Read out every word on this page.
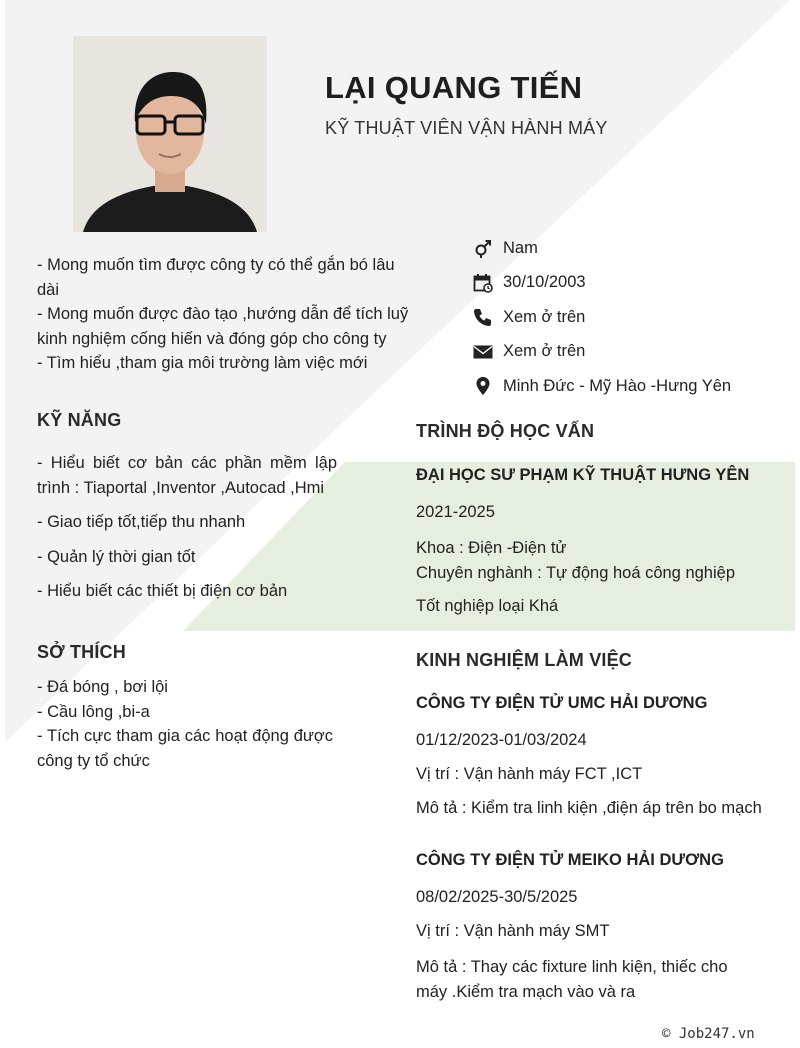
LẠI QUANG TIẾN
KỸ THUẬT VIÊN VẬN HÀNH MÁY
- Mong muốn tìm được công ty có thể gắn bó lâu dài
- Mong muốn được đào tạo ,hướng dẫn để tích luỹ kinh nghiệm cống hiến và đóng góp cho công ty
- Tìm hiểu ,tham gia môi trường làm việc mới
Nam
30/10/2003
Xem ở trên
Xem ở trên
Minh Đức - Mỹ Hào -Hưng Yên
KỸ NĂNG
- Hiểu biết cơ bản các phần mềm lập trình : Tiaportal ,Inventor ,Autocad ,Hmi
- Giao tiếp tốt,tiếp thu nhanh
- Quản lý thời gian tốt
- Hiểu biết các thiết bị điện cơ bản
SỞ THÍCH
- Đá bóng , bơi lội
- Cầu lông ,bi-a
- Tích cực tham gia các hoạt động được công ty tổ chức
TRÌNH ĐỘ HỌC VẤN
ĐẠI HỌC SƯ PHẠM KỸ THUẬT HƯNG YÊN
2021-2025
Khoa : Điện -Điện tử
Chuyên nghành : Tự động hoá công nghiệp
Tốt nghiệp loại Khá
KINH NGHIỆM LÀM VIỆC
CÔNG TY ĐIỆN TỬ UMC HẢI DƯƠNG
01/12/2023-01/03/2024
Vị trí : Vận hành máy FCT ,ICT
Mô tả : Kiểm tra linh kiện ,điện áp trên bo mạch
CÔNG TY ĐIỆN TỬ MEIKO HẢI DƯƠNG
08/02/2025-30/5/2025
Vị trí : Vận hành máy SMT
Mô tả : Thay các fixture linh kiện, thiếc cho máy .Kiểm tra mạch vào và ra
© Job247.vn
